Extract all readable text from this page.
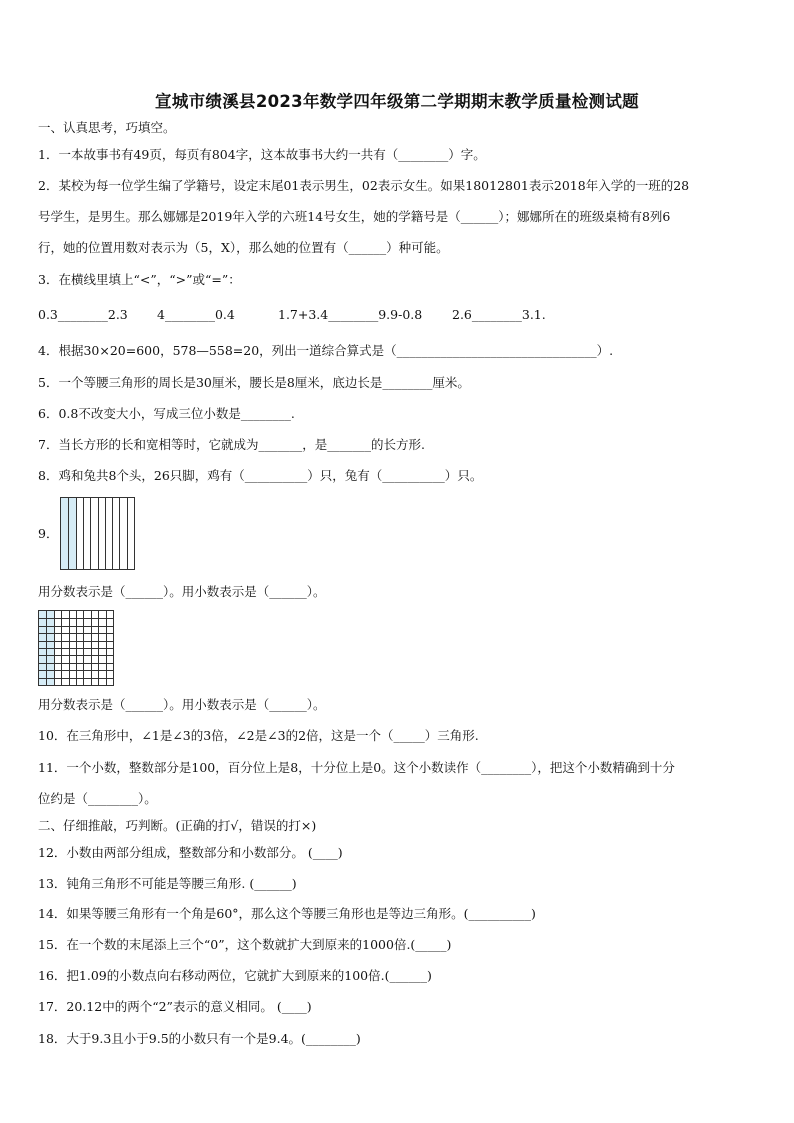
宣城市绩溪县2023年数学四年级第二学期期末教学质量检测试题
一、认真思考，巧填空。
1．一本故事书有49页，每页有804字，这本故事书大约一共有（________）字。
2．某校为每一位学生编了学籍号，设定末尾01表示男生，02表示女生。如果18012801表示2018年入学的一班的28
号学生，是男生。那么娜娜是2019年入学的六班14号女生，她的学籍号是（______）；娜娜所在的班级桌椅有8列6
行，她的位置用数对表示为（5，X），那么她的位置有（______）种可能。
3．在横线里填上“<”，“>”或“=”：
0.3________2.3 4________0.4	1.7+3.4________9.9-0.8 2.6________3.1.
4．根据30×20=600，578—558=20，列出一道综合算式是（________________________________）.
5．一个等腰三角形的周长是30厘米，腰长是8厘米，底边长是________厘米。
6．0.8不改变大小，写成三位小数是________.
7．当长方形的长和宽相等时，它就成为_______，是_______的长方形.
8．鸡和兔共8个头，26只脚，鸡有（__________）只，兔有（__________）只。
9．
用分数表示是（______）。用小数表示是（______）。
用分数表示是（______）。用小数表示是（______）。
10．在三角形中，∠1是∠3的3倍，∠2是∠3的2倍，这是一个（_____）三角形.
11．一个小数，整数部分是100，百分位上是8，十分位上是0。这个小数读作（________），把这个小数精确到十分
位约是（________）。
二、仔细推敲，巧判断。(正确的打√，错误的打×)
12．小数由两部分组成，整数部分和小数部分。 (____)
13．钝角三角形不可能是等腰三角形. (______)
14．如果等腰三角形有一个角是60°，那么这个等腰三角形也是等边三角形。(__________)
15．在一个数的末尾添上三个“0”，这个数就扩大到原来的1000倍.(_____)
16．把1.09的小数点向右移动两位，它就扩大到原来的100倍.(______)
17．20.12中的两个“2”表示的意义相同。 (____)
18．大于9.3且小于9.5的小数只有一个是9.4。(________)
